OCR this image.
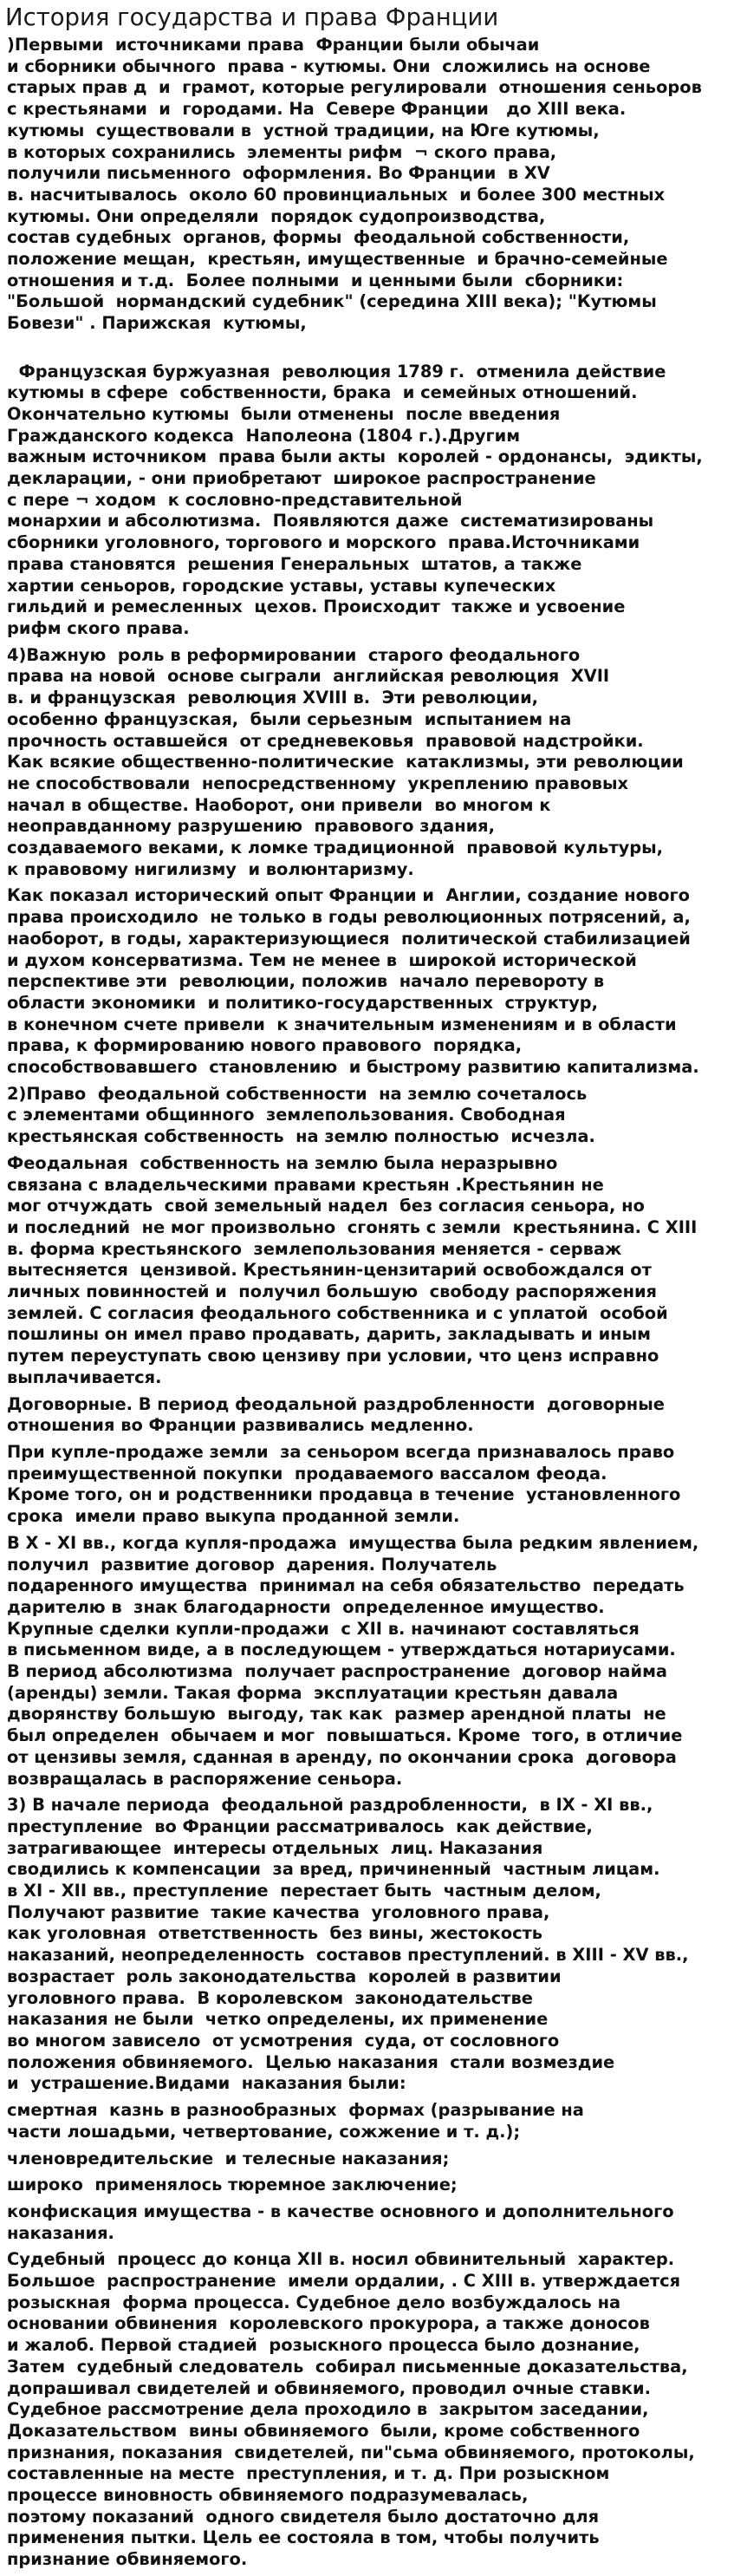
История государства и права Франции
)Первыми  источниками права  Франции были обычаи
и сборники обычного  права - кутюмы. Они  сложились на основе
старых прав д  и  грамот, которые регулировали  отношения сеньоров
с крестьянами  и  городами. На  Севере Франции   до XIII века.
кутюмы  существовали в  устной традиции, на Юге кутюмы,
в которых сохранились  элементы рифм  ¬ ского права,
получили письменного  оформления. Во Франции  в XV
в. насчитывалось  около 60 провинциальных  и более 300 местных
кутюмы. Они определяли  порядок судопроизводства,
состав судебных  органов, формы  феодальной собственности,
положение мещан,  крестьян, имущественные  и брачно-семейные
отношения и т.д.  Более полными  и ценными были  сборники:
"Большой  нормандский судебник" (середина XIII века); "Кутюмы
Бовези" . Парижская  кутюмы,

Французская буржуазная  революция 1789 г.  отменила действие
кутюмы в сфере  собственности, брака  и семейных отношений.
Окончательно кутюмы  были отменены  после введения
Гражданского кодекса  Наполеона (1804 г.).Другим
важным источником  права были акты  королей - ордонансы,  эдикты,
декларации, - они приобретают  широкое распространение
с пере ¬ ходом  к сословно-представительной
монархии и абсолютизма.  Появляются даже  систематизированы
сборники уголовного, торгового и морского  права.Источниками
права становятся  решения Генеральных  штатов, а также
хартии сеньоров, городские уставы, уставы купеческих
гильдий и ремесленных  цехов. Происходит  также и усвоение
рифм ского права.
4)Важную  роль в реформировании  старого феодального
права на новой  основе сыграли  английская революция  XVII
в. и французская  революция XVIII в.  Эти революции,
особенно французская,  были серьезным  испытанием на
прочность оставшейся  от средневековья  правовой надстройки.
Как всякие общественно-политические  катаклизмы, эти революции
не способствовали  непосредственному  укреплению правовых
начал в обществе. Наоборот, они привели  во многом к
неоправданному разрушению  правового здания,
создаваемого веками, к ломке традиционной  правовой культуры,
к правовому нигилизму  и волюнтаризму.
Как показал исторический опыт Франции и  Англии, создание нового
права происходило  не только в годы революционных потрясений, а,
наоборот, в годы, характеризующиеся  политической стабилизацией
и духом консерватизма. Тем не менее в  широкой исторической
перспективе эти  революции, положив  начало перевороту в
области экономики  и политико-государственных  структур,
в конечном счете привели  к значительным изменениям и в области
права, к формированию нового правового  порядка,
способствовавшего  становлению  и быстрому развитию капитализма.
2)Право  феодальной собственности  на землю сочеталось
с элементами общинного  землепользования. Свободная
крестьянская собственность  на землю полностью  исчезла.
Феодальная  собственность на землю была неразрывно
связана с владельческими правами крестьян .Крестьянин не
мог отчуждать  свой земельный надел  без согласия сеньора, но
и последний  не мог произвольно  сгонять с земли  крестьянина. С XIII
в. форма крестьянского  землепользования меняется - серваж
вытесняется  цензивой. Крестьянин-цензитарий освобождался от
личных повинностей и  получил большую  свободу распоряжения
землей. С согласия феодального собственника и с уплатой  особой
пошлины он имел право продавать, дарить, закладывать и иным
путем переуступать свою цензиву при условии, что ценз исправно
выплачивается.
Договорные. В период феодальной раздробленности  договорные
отношения во Франции развивались медленно.
При купле-продаже земли  за сеньором всегда признавалось право
преимущественной покупки  продаваемого вассалом феода.
Кроме того, он и родственники продавца в течение  установленного
срока  имели право выкупа проданной земли.
В X - XI вв., когда купля-продажа  имущества была редким явлением,
получил  развитие договор  дарения. Получатель
подаренного имущества  принимал на себя обязательство  передать
дарителю в  знак благодарности  определенное имущество.
Крупные сделки купли-продажи  с XII в. начинают составляться
в письменном виде, а в последующем - утверждаться нотариусами.
В период абсолютизма  получает распространение  договор найма
(аренды) земли. Такая форма  эксплуатации крестьян давала
дворянству большую  выгоду, так как  размер арендной платы  не
был определен  обычаем и мог  повышаться. Кроме  того, в отличие
от цензивы земля, сданная в аренду, по окончании срока  договора
возвращалась в распоряжение сеньора.
3) В начале периода  феодальной раздробленности,  в IX - XI вв.,
преступление  во Франции рассматривалось  как действие,
затрагивающее  интересы отдельных  лиц. Наказания
сводились к компенсации  за вред, причиненный  частным лицам.
в XI - XII вв., преступление  перестает быть  частным делом,
Получают развитие  такие качества  уголовного права,
как уголовная  ответственность  без вины, жестокость
наказаний, неопределенность  составов преступлений. в XIII - XV вв.,
возрастает  роль законодательства  королей в развитии
уголовного права.  В королевском  законодательстве
наказания не были  четко определены, их применение
во многом зависело  от усмотрения  суда, от сословного
положения обвиняемого.  Целью наказания  стали возмездие
и  устрашение.Видами  наказания были:
смертная  казнь в разнообразных  формах (разрывание на
части лошадьми, четвертование, сожжение и т. д.);
членовредительские  и телесные наказания;
широко  применялось тюремное заключение;
конфискация имущества - в качестве основного и дополнительного
наказания.
Судебный  процесс до конца XII в. носил обвинительный  характер.
Большое  распространение  имели ордалии, . С XIII в. утверждается
розыскная  форма процесса. Судебное дело возбуждалось на
основании обвинения  королевского прокурора, а также доносов
и жалоб. Первой стадией  розыскного процесса было дознание,
Затем  судебный следователь  собирал письменные доказательства,
допрашивал свидетелей и обвиняемого, проводил очные ставки.
Судебное рассмотрение дела проходило в  закрытом заседании,
Доказательством  вины обвиняемого  были, кроме собственного
признания, показания  свидетелей, пи"сьма обвиняемого, протоколы,
составленные на месте  преступления, и т. д. При розыскном
процессе виновность обвиняемого подразумевалась,
поэтому показаний  одного свидетеля было достаточно для
применения пытки. Цель ее состояла в том, чтобы получить
признание обвиняемого.
